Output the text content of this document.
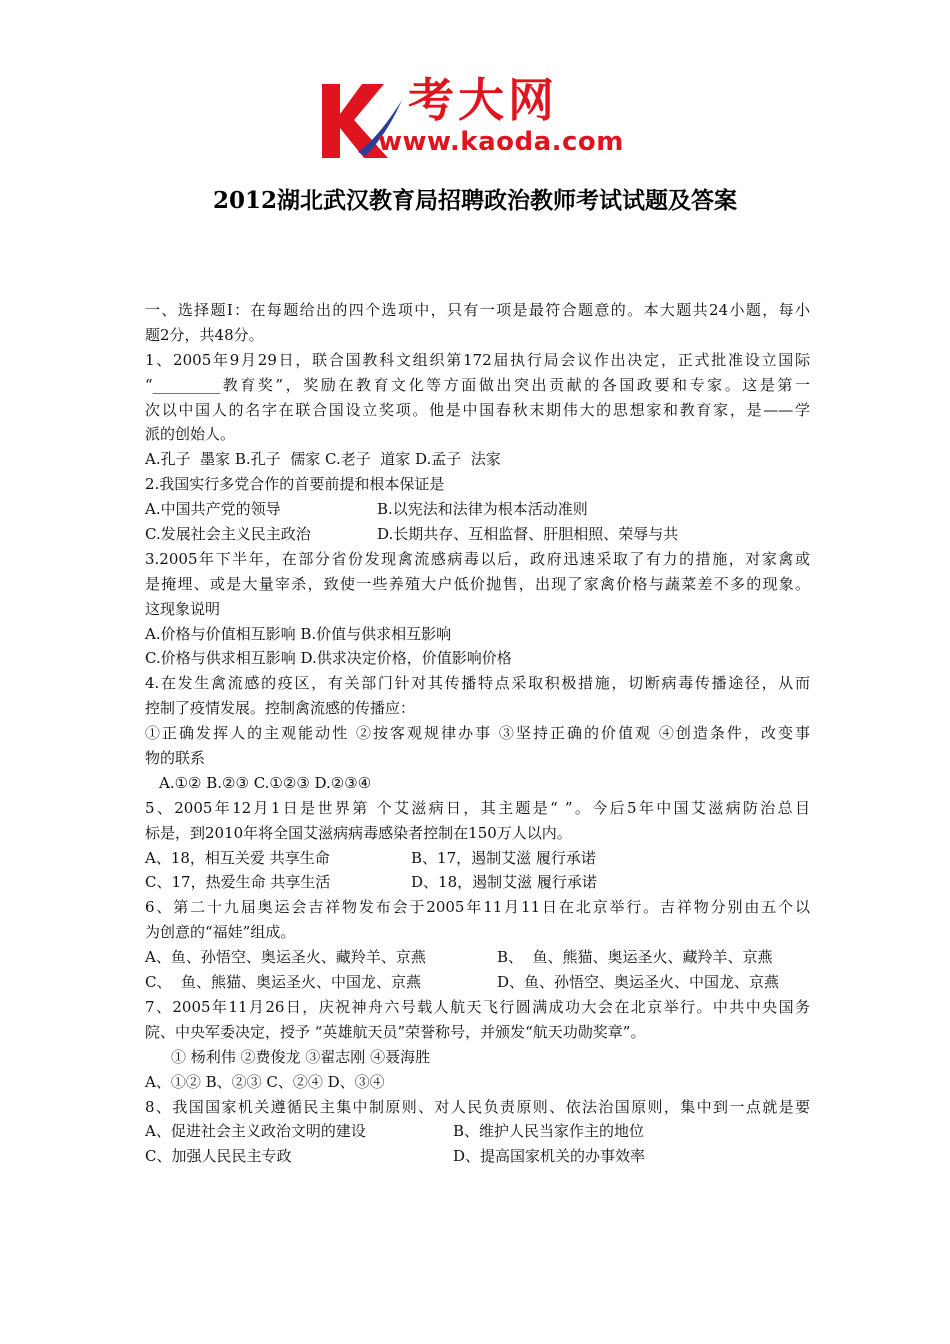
考大网
www.kaoda.com
2012湖北武汉教育局招聘政治教师考试试题及答案
一、选择题Ⅰ：在每题给出的四个选项中，只有一项是最符合题意的。本大题共24小题，每小
题2分，共48分。
1、2005年9月29日，联合国教科文组织第172届执行局会议作出决定，正式批准设立国际
“_________教育奖”，奖励在教育文化等方面做出突出贡献的各国政要和专家。这是第一
次以中国人的名字在联合国设立奖项。他是中国春秋末期伟大的思想家和教育家，是——学
派的创始人。
A.孔子  墨家 B.孔子  儒家 C.老子  道家 D.孟子  法家
2.我国实行多党合作的首要前提和根本保证是
A.中国共产党的领导	B.以宪法和法律为根本活动准则
C.发展社会主义民主政治	D.长期共存、互相监督、肝胆相照、荣辱与共
3.2005年下半年，在部分省份发现禽流感病毒以后，政府迅速采取了有力的措施，对家禽或
是掩埋、或是大量宰杀，致使一些养殖大户低价抛售，出现了家禽价格与蔬菜差不多的现象。
这现象说明
A.价格与价值相互影响 B.价值与供求相互影响
C.价格与供求相互影响 D.供求决定价格，价值影响价格
4.在发生禽流感的疫区，有关部门针对其传播特点采取积极措施，切断病毒传播途径，从而
控制了疫情发展。控制禽流感的传播应：
①正确发挥人的主观能动性 ②按客观规律办事 ③坚持正确的价值观 ④创造条件，改变事
物的联系
A.①② B.②③ C.①②③ D.②③④
5、2005年12月1日是世界第 个艾滋病日，其主题是“ ”。今后5年中国艾滋病防治总目
标是，到2010年将全国艾滋病病毒感染者控制在150万人以内。
A、18，相互关爱 共享生命	B、17，遏制艾滋 履行承诺
C、17，热爱生命 共享生活	D、18，遏制艾滋 履行承诺
6、第二十九届奥运会吉祥物发布会于2005年11月11日在北京举行。吉祥物分别由五个以
为创意的“福娃”组成。
A、鱼、孙悟空、奥运圣火、藏羚羊、京燕	B、  鱼、熊猫、奥运圣火、藏羚羊、京燕
C、  鱼、熊猫、奥运圣火、中国龙、京燕	D、鱼、孙悟空、奥运圣火、中国龙、京燕
7、2005年11月26日，庆祝神舟六号载人航天飞行圆满成功大会在北京举行。中共中央国务
院、中央军委决定，授予 “英雄航天员”荣誉称号，并颁发“航天功勋奖章”。
① 杨利伟 ②费俊龙 ③翟志刚 ④聂海胜
A、①② B、②③ C、②④ D、③④
8、我国国家机关遵循民主集中制原则、对人民负责原则、依法治国原则，集中到一点就是要
A、促进社会主义政治文明的建设	B、维护人民当家作主的地位
C、加强人民民主专政	D、提高国家机关的办事效率
